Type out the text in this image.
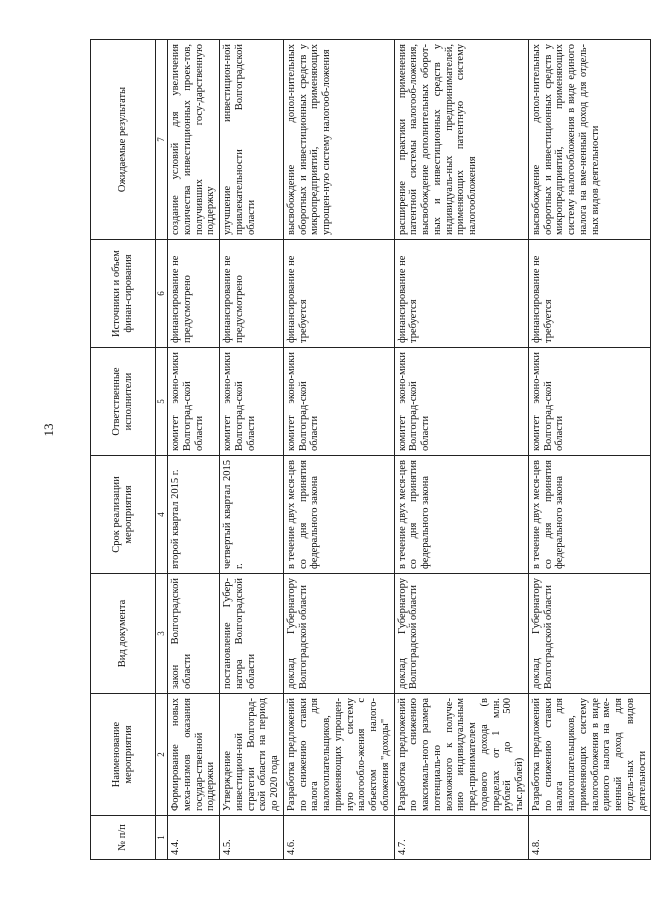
13
№ п/п	Наименование мероприятия	Вид документа	Срок реализации мероприятия	Ответственные исполнители	Источники и объем финан-сирования	Ожидаемые результаты
1	2	3	4	5	6	7
4.4.	Формирование новых меха-низмов оказания государ-ственной поддержки	закон Волгоградской области	второй квартал 2015 г.	комитет эконо-мики Волгоград-ской области	финансирование не предусмотрено	создание условий для увеличения количества инвестиционных проек-тов, получивших госу-дарственную поддержку
4.5.	Утверждение инвестицион-ной стратегии Волгоград-ской области на период до 2020 года	постановление Губер-натора Волгоградской области	четвертый квартал 2015 г.	комитет эконо-мики Волгоград-ской области	финансирование не предусмотрено	улучшение инвестицион-ной привлекательности Волгоградской области
4.6.	Разработка предложений по снижению ставки налога для налогоплательщиков, применяющих упрощен-ную систему налогообло-жения с объектом налого-обложения "доходы"	доклад Губернатору Волгоградской области	в течение двух меся-цев со дня принятия федерального закона	комитет эконо-мики Волгоград-ской области	финансирование не требуется	высвобождение допол-нительных оборотных и инвестиционных средств у микропредприятий, применяющих упрощен-ную систему налогооб-ложения
4.7.	Разработка предложений по снижению максималь-ного размера потенциаль-но возможного к получе-нию индивидуальным пред-принимателем годового дохода (в пределах от 1 млн. рублей до 500 тыс.рублей)	доклад Губернатору Волгоградской области	в течение двух меся-цев со дня принятия федерального закона	комитет эконо-мики Волгоград-ской области	финансирование не требуется	расширение практики применения патентной системы налогооб-ложения, высвобождение дополнительных оборот-ных и инвестиционных средств у индивидуаль-ных предпринимателей, применяющих патентную систему налогообложения
4.8.	Разработка предложений по снижению ставки налога для налогоплательщиков, применяющих систему налогообложения в виде единого налога на вме-ненный доход для отдель-ных видов деятельности	доклад Губернатору Волгоградской области	в течение двух меся-цев со дня принятия федерального закона	комитет эконо-мики Волгоград-ской области	финансирование не требуется	высвобождение допол-нительных оборотных и инвестиционных средств у микропредприятий, применяющих систему налогообложения в виде единого налога на вме-ненный доход для отдель-ных видов деятельности
